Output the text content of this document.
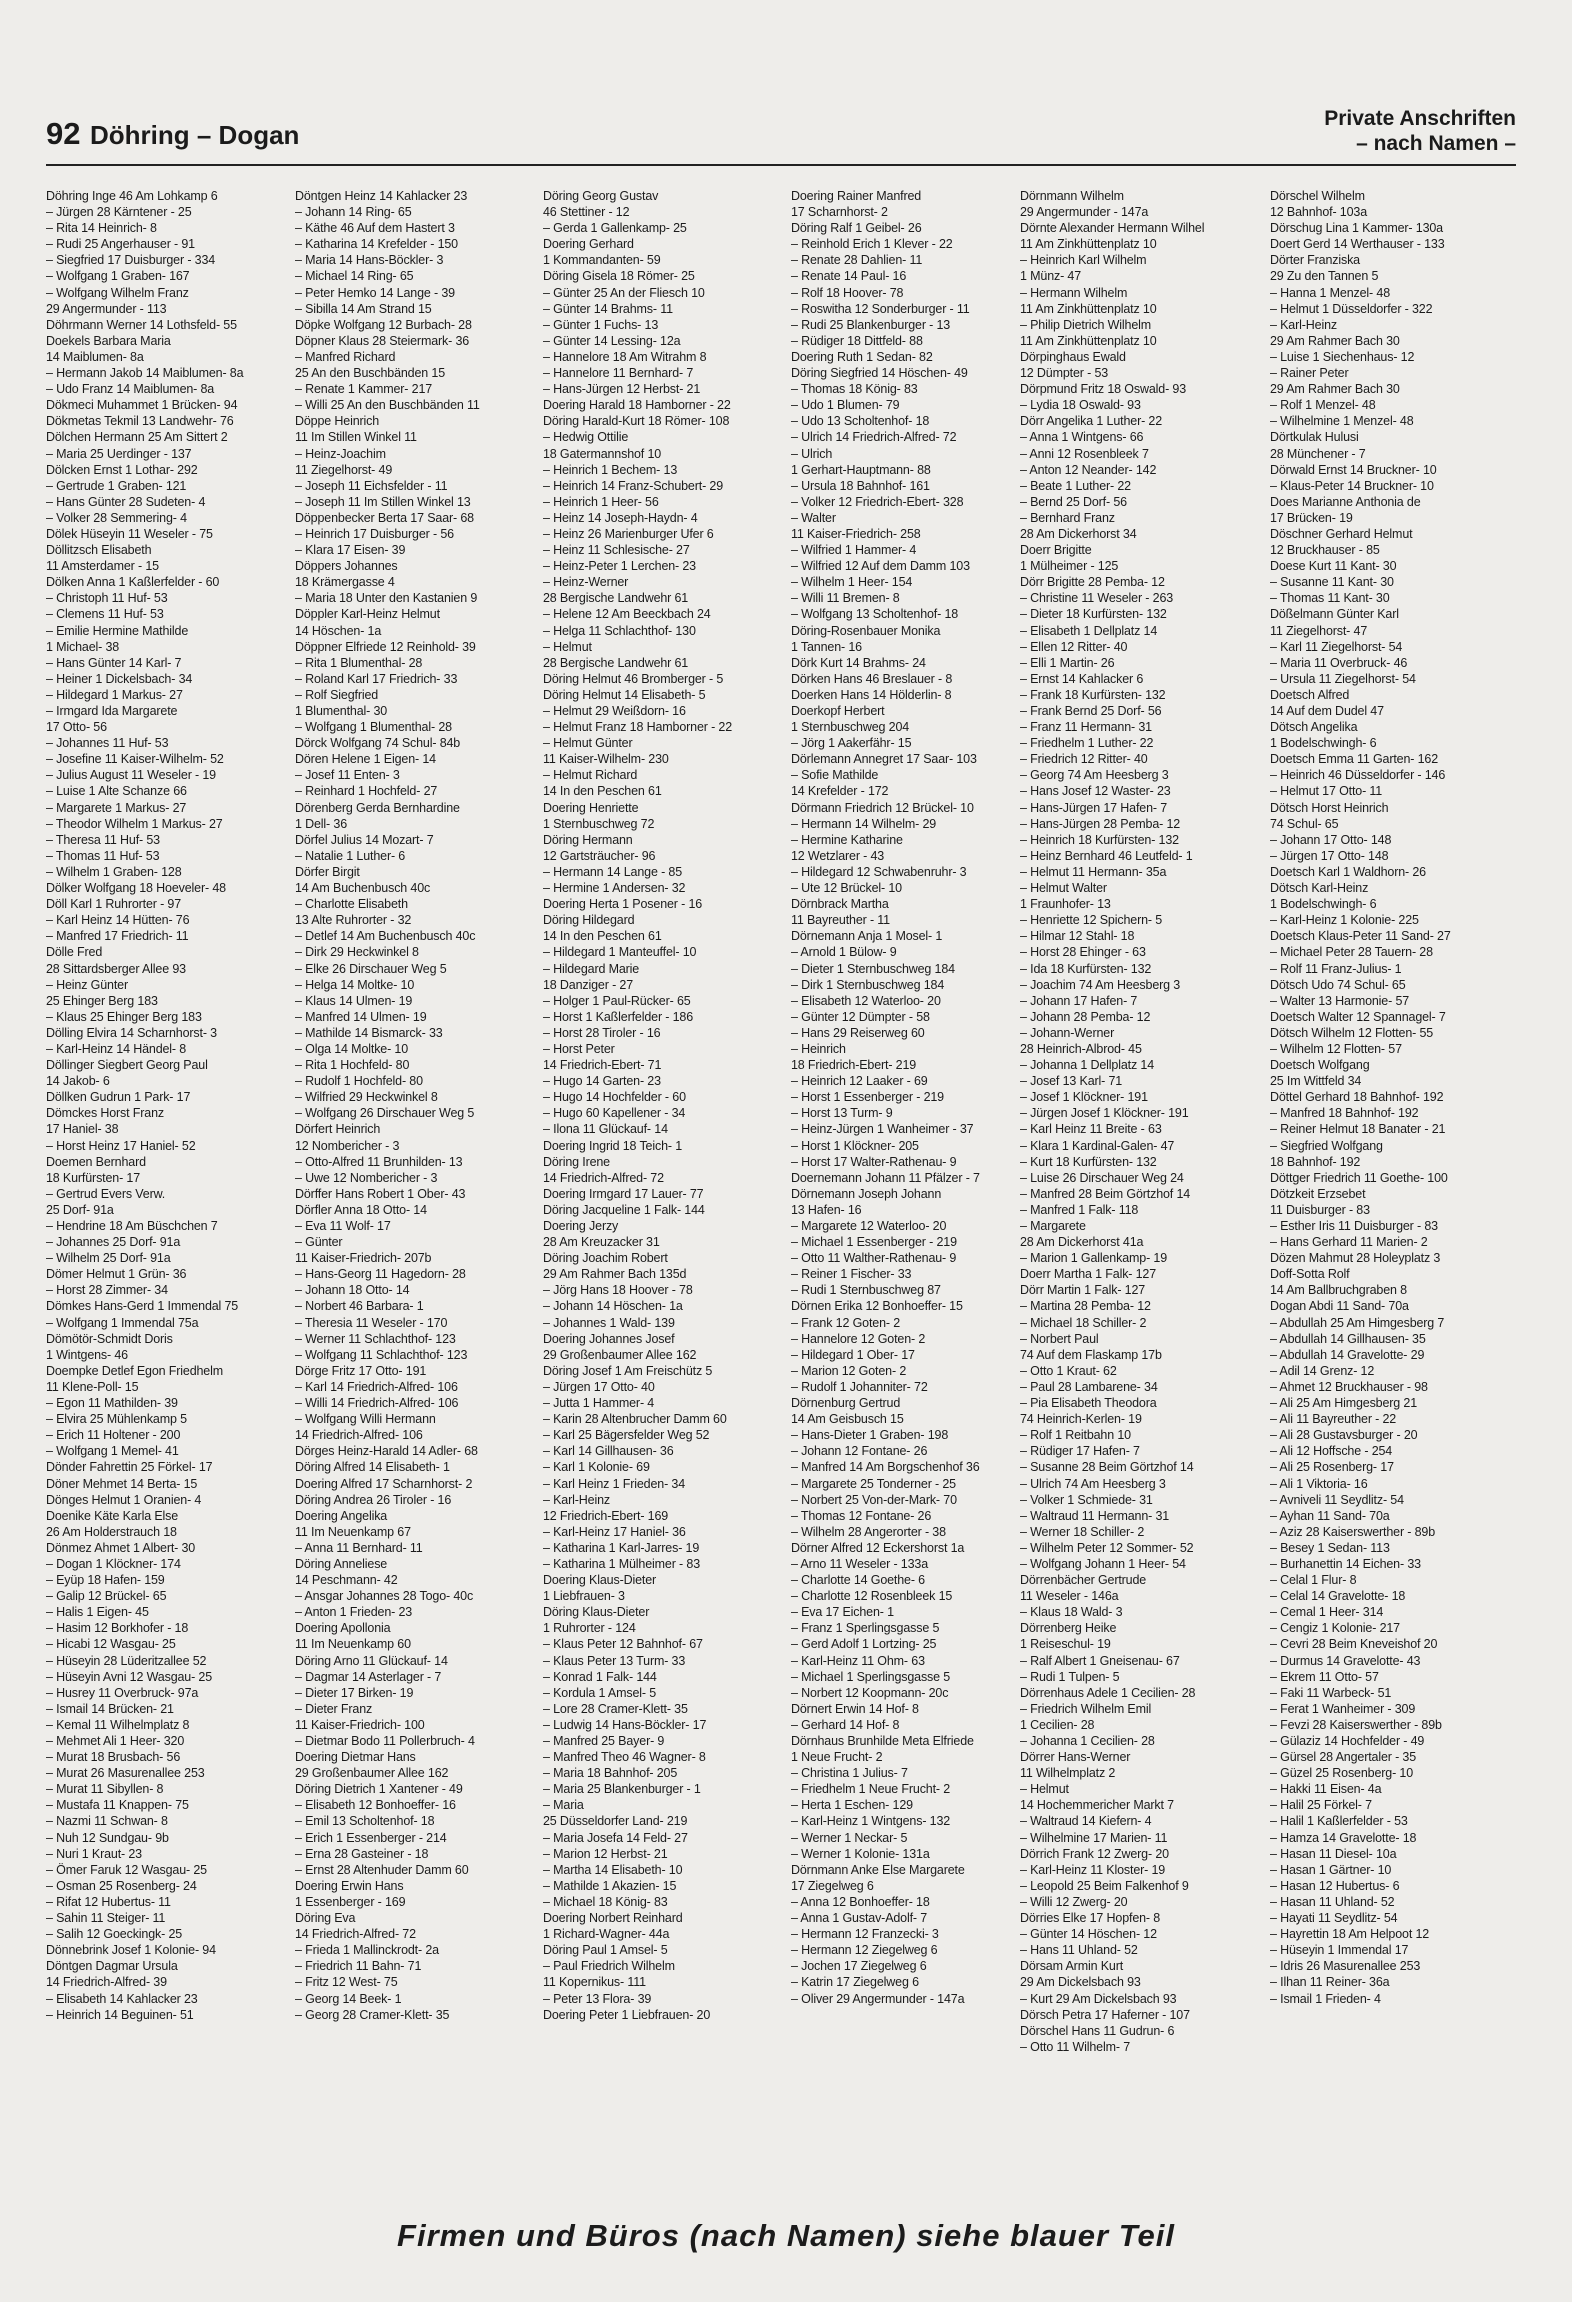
92 Döhring – Dogan
Private Anschriften
– nach Namen –
Döhring Inge 46 Am Lohkamp 6
– Jürgen 28 Kärntener - 25
– Rita 14 Heinrich- 8
– Rudi 25 Angerhauser - 91
– Siegfried 17 Duisburger - 334
– Wolfgang 1 Graben- 167
– Wolfgang Wilhelm Franz
29 Angermunder - 113
Döhrmann Werner 14 Lothsfeld- 55
Doekels Barbara Maria
14 Maiblumen- 8a
– Hermann Jakob 14 Maiblumen- 8a
– Udo Franz 14 Maiblumen- 8a
Dökmeci Muhammet 1 Brücken- 94
Dökmetas Tekmil 13 Landwehr- 76
Dölchen Hermann 25 Am Sittert 2
– Maria 25 Uerdinger - 137
Dölcken Ernst 1 Lothar- 292
– Gertrude 1 Graben- 121
– Hans Günter 28 Sudeten- 4
– Volker 28 Semmering- 4
Dölek Hüseyin 11 Weseler - 75
Döllitzsch Elisabeth
11 Amsterdamer - 15
Dölken Anna 1 Kaßlerfelder - 60
– Christoph 11 Huf- 53
– Clemens 11 Huf- 53
– Emilie Hermine Mathilde
1 Michael- 38
– Hans Günter 14 Karl- 7
– Heiner 1 Dickelsbach- 34
– Hildegard 1 Markus- 27
– Irmgard Ida Margarete
17 Otto- 56
– Johannes 11 Huf- 53
– Josefine 11 Kaiser-Wilhelm- 52
– Julius August 11 Weseler - 19
– Luise 1 Alte Schanze 66
– Margarete 1 Markus- 27
– Theodor Wilhelm 1 Markus- 27
– Theresa 11 Huf- 53
– Thomas 11 Huf- 53
– Wilhelm 1 Graben- 128
Dölker Wolfgang 18 Hoeveler- 48
Döll Karl 1 Ruhrorter - 97
– Karl Heinz 14 Hütten- 76
– Manfred 17 Friedrich- 11
Dölle Fred
28 Sittardsberger Allee 93
– Heinz Günter
25 Ehinger Berg 183
– Klaus 25 Ehinger Berg 183
Dölling Elvira 14 Scharnhorst- 3
– Karl-Heinz 14 Händel- 8
Döllinger Siegbert Georg Paul
14 Jakob- 6
Döllken Gudrun 1 Park- 17
Dömckes Horst Franz
17 Haniel- 38
– Horst Heinz 17 Haniel- 52
Doemen Bernhard
18 Kurfürsten- 17
– Gertrud Evers Verw.
25 Dorf- 91a
– Hendrine 18 Am Büschchen 7
– Johannes 25 Dorf- 91a
– Wilhelm 25 Dorf- 91a
Dömer Helmut 1 Grün- 36
– Horst 28 Zimmer- 34
Dömkes Hans-Gerd 1 Immendal 75
– Wolfgang 1 Immendal 75a
Dömötör-Schmidt Doris
1 Wintgens- 46
Doempke Detlef Egon Friedhelm
11 Klene-Poll- 15
– Egon 11 Mathilden- 39
– Elvira 25 Mühlenkamp 5
– Erich 11 Holtener - 200
– Wolfgang 1 Memel- 41
Dönder Fahrettin 25 Förkel- 17
Döner Mehmet 14 Berta- 15
Dönges Helmut 1 Oranien- 4
Doenike Käte Karla Else
26 Am Holderstrauch 18
Dönmez Ahmet 1 Albert- 30
– Dogan 1 Klöckner- 174
– Eyüp 18 Hafen- 159
– Galip 12 Brückel- 65
– Halis 1 Eigen- 45
– Hasim 12 Borkhofer - 18
– Hicabi 12 Wasgau- 25
– Hüseyin 28 Lüderitzallee 52
– Hüseyin Avni 12 Wasgau- 25
– Husrey 11 Overbruck- 97a
– Ismail 14 Brücken- 21
– Kemal 11 Wilhelmplatz 8
– Mehmet Ali 1 Heer- 320
– Murat 18 Brusbach- 56
– Murat 26 Masurenallee 253
– Murat 11 Sibyllen- 8
– Mustafa 11 Knappen- 75
– Nazmi 11 Schwan- 8
– Nuh 12 Sundgau- 9b
– Nuri 1 Kraut- 23
– Ömer Faruk 12 Wasgau- 25
– Osman 25 Rosenberg- 24
– Rifat 12 Hubertus- 11
– Sahin 11 Steiger- 11
– Salih 12 Goeckingk- 25
Dönnebrink Josef 1 Kolonie- 94
Döntgen Dagmar Ursula
14 Friedrich-Alfred- 39
– Elisabeth 14 Kahlacker 23
– Heinrich 14 Beguinen- 51
Döntgen Heinz 14 Kahlacker 23
– Johann 14 Ring- 65
– Käthe 46 Auf dem Hastert 3
– Katharina 14 Krefelder - 150
– Maria 14 Hans-Böckler- 3
– Michael 14 Ring- 65
– Peter Hemko 14 Lange - 39
– Sibilla 14 Am Strand 15
Döpke Wolfgang 12 Burbach- 28
Döpner Klaus 28 Steiermark- 36
– Manfred Richard
25 An den Buschbänden 15
– Renate 1 Kammer- 217
– Willi 25 An den Buschbänden 11
Döppe Heinrich
11 Im Stillen Winkel 11
– Heinz-Joachim
11 Ziegelhorst- 49
– Joseph 11 Eichsfelder - 11
– Joseph 11 Im Stillen Winkel 13
Döppenbecker Berta 17 Saar- 68
– Heinrich 17 Duisburger - 56
– Klara 17 Eisen- 39
Döppers Johannes
18 Krämergasse 4
– Maria 18 Unter den Kastanien 9
Döppler Karl-Heinz Helmut
14 Höschen- 1a
Döppner Elfriede 12 Reinhold- 39
– Rita 1 Blumenthal- 28
– Roland Karl 17 Friedrich- 33
– Rolf Siegfried
1 Blumenthal- 30
– Wolfgang 1 Blumenthal- 28
Dörck Wolfgang 74 Schul- 84b
Dören Helene 1 Eigen- 14
– Josef 11 Enten- 3
– Reinhard 1 Hochfeld- 27
Dörenberg Gerda Bernhardine
1 Dell- 36
Dörfel Julius 14 Mozart- 7
– Natalie 1 Luther- 6
Dörfer Birgit
14 Am Buchenbusch 40c
– Charlotte Elisabeth
13 Alte Ruhrorter - 32
– Detlef 14 Am Buchenbusch 40c
– Dirk 29 Heckwinkel 8
– Elke 26 Dirschauer Weg 5
– Helga 14 Moltke- 10
– Klaus 14 Ulmen- 19
– Manfred 14 Ulmen- 19
– Mathilde 14 Bismarck- 33
– Olga 14 Moltke- 10
– Rita 1 Hochfeld- 80
– Rudolf 1 Hochfeld- 80
– Wilfried 29 Heckwinkel 8
– Wolfgang 26 Dirschauer Weg 5
Dörfert Heinrich
12 Nombericher - 3
– Otto-Alfred 11 Brunhilden- 13
– Uwe 12 Nombericher - 3
Dörffer Hans Robert 1 Ober- 43
Dörfler Anna 18 Otto- 14
– Eva 11 Wolf- 17
– Günter
11 Kaiser-Friedrich- 207b
– Hans-Georg 11 Hagedorn- 28
– Johann 18 Otto- 14
– Norbert 46 Barbara- 1
– Theresia 11 Weseler - 170
– Werner 11 Schlachthof- 123
– Wolfgang 11 Schlachthof- 123
Dörge Fritz 17 Otto- 191
– Karl 14 Friedrich-Alfred- 106
– Willi 14 Friedrich-Alfred- 106
– Wolfgang Willi Hermann
14 Friedrich-Alfred- 106
Dörges Heinz-Harald 14 Adler- 68
Döring Alfred 14 Elisabeth- 1
Doering Alfred 17 Scharnhorst- 2
Döring Andrea 26 Tiroler - 16
Doering Angelika
11 Im Neuenkamp 67
– Anna 11 Bernhard- 11
Döring Anneliese
14 Peschmann- 42
– Ansgar Johannes 28 Togo- 40c
– Anton 1 Frieden- 23
Doering Apollonia
11 Im Neuenkamp 60
Döring Arno 11 Glückauf- 14
– Dagmar 14 Asterlager - 7
– Dieter 17 Birken- 19
– Dieter Franz
11 Kaiser-Friedrich- 100
– Dietmar Bodo 11 Pollerbruch- 4
Doering Dietmar Hans
29 Großenbaumer Allee 162
Döring Dietrich 1 Xantener - 49
– Elisabeth 12 Bonhoeffer- 16
– Emil 13 Scholtenhof- 18
– Erich 1 Essenberger - 214
– Erna 28 Gasteiner - 18
– Ernst 28 Altenhuder Damm 60
Doering Erwin Hans
1 Essenberger - 169
Döring Eva
14 Friedrich-Alfred- 72
– Frieda 1 Mallinckrodt- 2a
– Friedrich 11 Bahn- 71
– Fritz 12 West- 75
– Georg 14 Beek- 1
– Georg 28 Cramer-Klett- 35
Döring Georg Gustav
46 Stettiner - 12
– Gerda 1 Gallenkamp- 25
Doering Gerhard
1 Kommandanten- 59
Döring Gisela 18 Römer- 25
– Günter 25 An der Fliesch 10
– Günter 14 Brahms- 11
– Günter 1 Fuchs- 13
– Günter 14 Lessing- 12a
– Hannelore 18 Am Witrahm 8
– Hannelore 11 Bernhard- 7
– Hans-Jürgen 12 Herbst- 21
Doering Harald 18 Hamborner - 22
Döring Harald-Kurt 18 Römer- 108
– Hedwig Ottilie
18 Gatermannshof 10
– Heinrich 1 Bechem- 13
– Heinrich 14 Franz-Schubert- 29
– Heinrich 1 Heer- 56
– Heinz 14 Joseph-Haydn- 4
– Heinz 26 Marienburger Ufer 6
– Heinz 11 Schlesische- 27
– Heinz-Peter 1 Lerchen- 23
– Heinz-Werner
28 Bergische Landwehr 61
– Helene 12 Am Beeckbach 24
– Helga 11 Schlachthof- 130
– Helmut
28 Bergische Landwehr 61
Döring Helmut 46 Bromberger - 5
Döring Helmut 14 Elisabeth- 5
– Helmut 29 Weißdorn- 16
– Helmut Franz 18 Hamborner - 22
– Helmut Günter
11 Kaiser-Wilhelm- 230
– Helmut Richard
14 In den Peschen 61
Doering Henriette
1 Sternbuschweg 72
Döring Hermann
12 Gartsträucher- 96
– Hermann 14 Lange - 85
– Hermine 1 Andersen- 32
Doering Herta 1 Posener - 16
Döring Hildegard
14 In den Peschen 61
– Hildegard 1 Manteuffel- 10
– Hildegard Marie
18 Danziger - 27
– Holger 1 Paul-Rücker- 65
– Horst 1 Kaßlerfelder - 186
– Horst 28 Tiroler - 16
– Horst Peter
14 Friedrich-Ebert- 71
– Hugo 14 Garten- 23
– Hugo 14 Hochfelder - 60
– Hugo 60 Kapellener - 34
– Ilona 11 Glückauf- 14
Doering Ingrid 18 Teich- 1
Döring Irene
14 Friedrich-Alfred- 72
Doering Irmgard 17 Lauer- 77
Döring Jacqueline 1 Falk- 144
Doering Jerzy
28 Am Kreuzacker 31
Döring Joachim Robert
29 Am Rahmer Bach 135d
– Jörg Hans 18 Hoover - 78
– Johann 14 Höschen- 1a
– Johannes 1 Wald- 139
Doering Johannes Josef
29 Großenbaumer Allee 162
Döring Josef 1 Am Freischütz 5
– Jürgen 17 Otto- 40
– Jutta 1 Hammer- 4
– Karin 28 Altenbrucher Damm 60
– Karl 25 Bägersfelder Weg 52
– Karl 14 Gillhausen- 36
– Karl 1 Kolonie- 69
– Karl Heinz 1 Frieden- 34
– Karl-Heinz
12 Friedrich-Ebert- 169
– Karl-Heinz 17 Haniel- 36
– Katharina 1 Karl-Jarres- 19
– Katharina 1 Mülheimer - 83
Doering Klaus-Dieter
1 Liebfrauen- 3
Döring Klaus-Dieter
1 Ruhrorter - 124
– Klaus Peter 12 Bahnhof- 67
– Klaus Peter 13 Turm- 33
– Konrad 1 Falk- 144
– Kordula 1 Amsel- 5
– Lore 28 Cramer-Klett- 35
– Ludwig 14 Hans-Böckler- 17
– Manfred 25 Bayer- 9
– Manfred Theo 46 Wagner- 8
– Maria 18 Bahnhof- 205
– Maria 25 Blankenburger - 1
– Maria
25 Düsseldorfer Land- 219
– Maria Josefa 14 Feld- 27
– Marion 12 Herbst- 21
– Martha 14 Elisabeth- 10
– Mathilde 1 Akazien- 15
– Michael 18 König- 83
Doering Norbert Reinhard
1 Richard-Wagner- 44a
Döring Paul 1 Amsel- 5
– Paul Friedrich Wilhelm
11 Kopernikus- 111
– Peter 13 Flora- 39
Doering Peter 1 Liebfrauen- 20
Doering Rainer Manfred
17 Scharnhorst- 2
Döring Ralf 1 Geibel- 26
– Reinhold Erich 1 Klever - 22
– Renate 28 Dahlien- 11
– Renate 14 Paul- 16
– Rolf 18 Hoover- 78
– Roswitha 12 Sonderburger - 11
– Rudi 25 Blankenburger - 13
– Rüdiger 18 Dittfeld- 88
Doering Ruth 1 Sedan- 82
Döring Siegfried 14 Höschen- 49
– Thomas 18 König- 83
– Udo 1 Blumen- 79
– Udo 13 Scholtenhof- 18
– Ulrich 14 Friedrich-Alfred- 72
– Ulrich
1 Gerhart-Hauptmann- 88
– Ursula 18 Bahnhof- 161
– Volker 12 Friedrich-Ebert- 328
– Walter
11 Kaiser-Friedrich- 258
– Wilfried 1 Hammer- 4
– Wilfried 12 Auf dem Damm 103
– Wilhelm 1 Heer- 154
– Willi 11 Bremen- 8
– Wolfgang 13 Scholtenhof- 18
Döring-Rosenbauer Monika
1 Tannen- 16
Dörk Kurt 14 Brahms- 24
Dörken Hans 46 Breslauer - 8
Doerken Hans 14 Hölderlin- 8
Doerkopf Herbert
1 Sternbuschweg 204
– Jörg 1 Aakerfähr- 15
Dörlemann Annegret 17 Saar- 103
– Sofie Mathilde
14 Krefelder - 172
Dörmann Friedrich 12 Brückel- 10
– Hermann 14 Wilhelm- 29
– Hermine Katharine
12 Wetzlarer - 43
– Hildegard 12 Schwabenruhr- 3
– Ute 12 Brückel- 10
Dörnbrack Martha
11 Bayreuther - 11
Dörnemann Anja 1 Mosel- 1
– Arnold 1 Bülow- 9
– Dieter 1 Sternbuschweg 184
– Dirk 1 Sternbuschweg 184
– Elisabeth 12 Waterloo- 20
– Günter 12 Dümpter - 58
– Hans 29 Reiserweg 60
– Heinrich
18 Friedrich-Ebert- 219
– Heinrich 12 Laaker - 69
– Horst 1 Essenberger - 219
– Horst 13 Turm- 9
– Heinz-Jürgen 1 Wanheimer - 37
– Horst 1 Klöckner- 205
– Horst 17 Walter-Rathenau- 9
Doernemann Johann 11 Pfälzer - 7
Dörnemann Joseph Johann
13 Hafen- 16
– Margarete 12 Waterloo- 20
– Michael 1 Essenberger - 219
– Otto 11 Walther-Rathenau- 9
– Reiner 1 Fischer- 33
– Rudi 1 Sternbuschweg 87
Dörnen Erika 12 Bonhoeffer- 15
– Frank 12 Goten- 2
– Hannelore 12 Goten- 2
– Hildegard 1 Ober- 17
– Marion 12 Goten- 2
– Rudolf 1 Johanniter- 72
Dörnenburg Gertrud
14 Am Geisbusch 15
– Hans-Dieter 1 Graben- 198
– Johann 12 Fontane- 26
– Manfred 14 Am Borgschenhof 36
– Margarete 25 Tonderner - 25
– Norbert 25 Von-der-Mark- 70
– Thomas 12 Fontane- 26
– Wilhelm 28 Angerorter - 38
Dörner Alfred 12 Eckershorst 1a
– Arno 11 Weseler - 133a
– Charlotte 14 Goethe- 6
– Charlotte 12 Rosenbleek 15
– Eva 17 Eichen- 1
– Franz 1 Sperlingsgasse 5
– Gerd Adolf 1 Lortzing- 25
– Karl-Heinz 11 Ohm- 63
– Michael 1 Sperlingsgasse 5
– Norbert 12 Koopmann- 20c
Dörnert Erwin 14 Hof- 8
– Gerhard 14 Hof- 8
Dörnhaus Brunhilde Meta Elfriede
1 Neue Frucht- 2
– Christina 1 Julius- 7
– Friedhelm 1 Neue Frucht- 2
– Herta 1 Eschen- 129
– Karl-Heinz 1 Wintgens- 132
– Werner 1 Neckar- 5
– Werner 1 Kolonie- 131a
Dörnmann Anke Else Margarete
17 Ziegelweg 6
– Anna 12 Bonhoeffer- 18
– Anna 1 Gustav-Adolf- 7
– Hermann 12 Franzecki- 3
– Hermann 12 Ziegelweg 6
– Jochen 17 Ziegelweg 6
– Katrin 17 Ziegelweg 6
– Oliver 29 Angermunder - 147a
Dörnmann Wilhelm
29 Angermunder - 147a
Dörnte Alexander Hermann Wilhel
11 Am Zinkhüttenplatz 10
– Heinrich Karl Wilhelm
1 Münz- 47
– Hermann Wilhelm
11 Am Zinkhüttenplatz 10
– Philip Dietrich Wilhelm
11 Am Zinkhüttenplatz 10
Dörpinghaus Ewald
12 Dümpter - 53
Dörpmund Fritz 18 Oswald- 93
– Lydia 18 Oswald- 93
Dörr Angelika 1 Luther- 22
– Anna 1 Wintgens- 66
– Anni 12 Rosenbleek 7
– Anton 12 Neander- 142
– Beate 1 Luther- 22
– Bernd 25 Dorf- 56
– Bernhard Franz
28 Am Dickerhorst 34
Doerr Brigitte
1 Mülheimer - 125
Dörr Brigitte 28 Pemba- 12
– Christine 11 Weseler - 263
– Dieter 18 Kurfürsten- 132
– Elisabeth 1 Dellplatz 14
– Ellen 12 Ritter- 40
– Elli 1 Martin- 26
– Ernst 14 Kahlacker 6
– Frank 18 Kurfürsten- 132
– Frank Bernd 25 Dorf- 56
– Franz 11 Hermann- 31
– Friedhelm 1 Luther- 22
– Friedrich 12 Ritter- 40
– Georg 74 Am Heesberg 3
– Hans Josef 12 Waster- 23
– Hans-Jürgen 17 Hafen- 7
– Hans-Jürgen 28 Pemba- 12
– Heinrich 18 Kurfürsten- 132
– Heinz Bernhard 46 Leutfeld- 1
– Helmut 11 Hermann- 35a
– Helmut Walter
1 Fraunhofer- 13
– Henriette 12 Spichern- 5
– Hilmar 12 Stahl- 18
– Horst 28 Ehinger - 63
– Ida 18 Kurfürsten- 132
– Joachim 74 Am Heesberg 3
– Johann 17 Hafen- 7
– Johann 28 Pemba- 12
– Johann-Werner
28 Heinrich-Albrod- 45
– Johanna 1 Dellplatz 14
– Josef 13 Karl- 71
– Josef 1 Klöckner- 191
– Jürgen Josef 1 Klöckner- 191
– Karl Heinz 11 Breite - 63
– Klara 1 Kardinal-Galen- 47
– Kurt 18 Kurfürsten- 132
– Luise 26 Dirschauer Weg 24
– Manfred 28 Beim Görtzhof 14
– Manfred 1 Falk- 118
– Margarete
28 Am Dickerhorst 41a
– Marion 1 Gallenkamp- 19
Doerr Martha 1 Falk- 127
Dörr Martin 1 Falk- 127
– Martina 28 Pemba- 12
– Michael 18 Schiller- 2
– Norbert Paul
74 Auf dem Flaskamp 17b
– Otto 1 Kraut- 62
– Paul 28 Lambarene- 34
– Pia Elisabeth Theodora
74 Heinrich-Kerlen- 19
– Rolf 1 Reitbahn 10
– Rüdiger 17 Hafen- 7
– Susanne 28 Beim Görtzhof 14
– Ulrich 74 Am Heesberg 3
– Volker 1 Schmiede- 31
– Waltraud 11 Hermann- 31
– Werner 18 Schiller- 2
– Wilhelm Peter 12 Sommer- 52
– Wolfgang Johann 1 Heer- 54
Dörrenbächer Gertrude
11 Weseler - 146a
– Klaus 18 Wald- 3
Dörrenberg Heike
1 Reiseschul- 19
– Ralf Albert 1 Gneisenau- 67
– Rudi 1 Tulpen- 5
Dörrenhaus Adele 1 Cecilien- 28
– Friedrich Wilhelm Emil
1 Cecilien- 28
– Johanna 1 Cecilien- 28
Dörrer Hans-Werner
11 Wilhelmplatz 2
– Helmut
14 Hochemmericher Markt 7
– Waltraud 14 Kiefern- 4
– Wilhelmine 17 Marien- 11
Dörrich Frank 12 Zwerg- 20
– Karl-Heinz 11 Kloster- 19
– Leopold 25 Beim Falkenhof 9
– Willi 12 Zwerg- 20
Dörries Elke 17 Hopfen- 8
– Günter 14 Höschen- 12
– Hans 11 Uhland- 52
Dörsam Armin Kurt
29 Am Dickelsbach 93
– Kurt 29 Am Dickelsbach 93
Dörsch Petra 17 Haferner - 107
Dörschel Hans 11 Gudrun- 6
– Otto 11 Wilhelm- 7
Dörschel Wilhelm
12 Bahnhof- 103a
Dörschug Lina 1 Kammer- 130a
Doert Gerd 14 Werthauser - 133
Dörter Franziska
29 Zu den Tannen 5
– Hanna 1 Menzel- 48
– Helmut 1 Düsseldorfer - 322
– Karl-Heinz
29 Am Rahmer Bach 30
– Luise 1 Siechenhaus- 12
– Rainer Peter
29 Am Rahmer Bach 30
– Rolf 1 Menzel- 48
– Wilhelmine 1 Menzel- 48
Dörtkulak Hulusi
28 Münchener - 7
Dörwald Ernst 14 Bruckner- 10
– Klaus-Peter 14 Bruckner- 10
Does Marianne Anthonia de
17 Brücken- 19
Döschner Gerhard Helmut
12 Bruckhauser - 85
Doese Kurt 11 Kant- 30
– Susanne 11 Kant- 30
– Thomas 11 Kant- 30
Dößelmann Günter Karl
11 Ziegelhorst- 47
– Karl 11 Ziegelhorst- 54
– Maria 11 Overbruck- 46
– Ursula 11 Ziegelhorst- 54
Doetsch Alfred
14 Auf dem Dudel 47
Dötsch Angelika
1 Bodelschwingh- 6
Doetsch Emma 11 Garten- 162
– Heinrich 46 Düsseldorfer - 146
– Helmut 17 Otto- 11
Dötsch Horst Heinrich
74 Schul- 65
– Johann 17 Otto- 148
– Jürgen 17 Otto- 148
Doetsch Karl 1 Waldhorn- 26
Dötsch Karl-Heinz
1 Bodelschwingh- 6
– Karl-Heinz 1 Kolonie- 225
Doetsch Klaus-Peter 11 Sand- 27
– Michael Peter 28 Tauern- 28
– Rolf 11 Franz-Julius- 1
Dötsch Udo 74 Schul- 65
– Walter 13 Harmonie- 57
Doetsch Walter 12 Spannagel- 7
Dötsch Wilhelm 12 Flotten- 55
– Wilhelm 12 Flotten- 57
Doetsch Wolfgang
25 Im Wittfeld 34
Döttel Gerhard 18 Bahnhof- 192
– Manfred 18 Bahnhof- 192
– Reiner Helmut 18 Banater - 21
– Siegfried Wolfgang
18 Bahnhof- 192
Döttger Friedrich 11 Goethe- 100
Dötzkeit Erzsebet
11 Duisburger - 83
– Esther Iris 11 Duisburger - 83
– Hans Gerhard 11 Marien- 2
Dözen Mahmut 28 Holeyplatz 3
Doff-Sotta Rolf
14 Am Ballbruchgraben 8
Dogan Abdi 11 Sand- 70a
– Abdullah 25 Am Himgesberg 7
– Abdullah 14 Gillhausen- 35
– Abdullah 14 Gravelotte- 29
– Adil 14 Grenz- 12
– Ahmet 12 Bruckhauser - 98
– Ali 25 Am Himgesberg 21
– Ali 11 Bayreuther - 22
– Ali 28 Gustavsburger - 20
– Ali 12 Hoffsche - 254
– Ali 25 Rosenberg- 17
– Ali 1 Viktoria- 16
– Avniveli 11 Seydlitz- 54
– Ayhan 11 Sand- 70a
– Aziz 28 Kaiserswerther - 89b
– Besey 1 Sedan- 113
– Burhanettin 14 Eichen- 33
– Celal 1 Flur- 8
– Celal 14 Gravelotte- 18
– Cemal 1 Heer- 314
– Cengiz 1 Kolonie- 217
– Cevri 28 Beim Kneveishof 20
– Durmus 14 Gravelotte- 43
– Ekrem 11 Otto- 57
– Faki 11 Warbeck- 51
– Ferat 1 Wanheimer - 309
– Fevzi 28 Kaiserswerther - 89b
– Gülaziz 14 Hochfelder - 49
– Gürsel 28 Angertaler - 35
– Güzel 25 Rosenberg- 10
– Hakki 11 Eisen- 4a
– Halil 25 Förkel- 7
– Halil 1 Kaßlerfelder - 53
– Hamza 14 Gravelotte- 18
– Hasan 11 Diesel- 10a
– Hasan 1 Gärtner- 10
– Hasan 12 Hubertus- 6
– Hasan 11 Uhland- 52
– Hayati 11 Seydlitz- 54
– Hayrettin 18 Am Helpoot 12
– Hüseyin 1 Immendal 17
– Idris 26 Masurenallee 253
– Ilhan 11 Reiner- 36a
– Ismail 1 Frieden- 4
Firmen und Büros (nach Namen) siehe blauer Teil
